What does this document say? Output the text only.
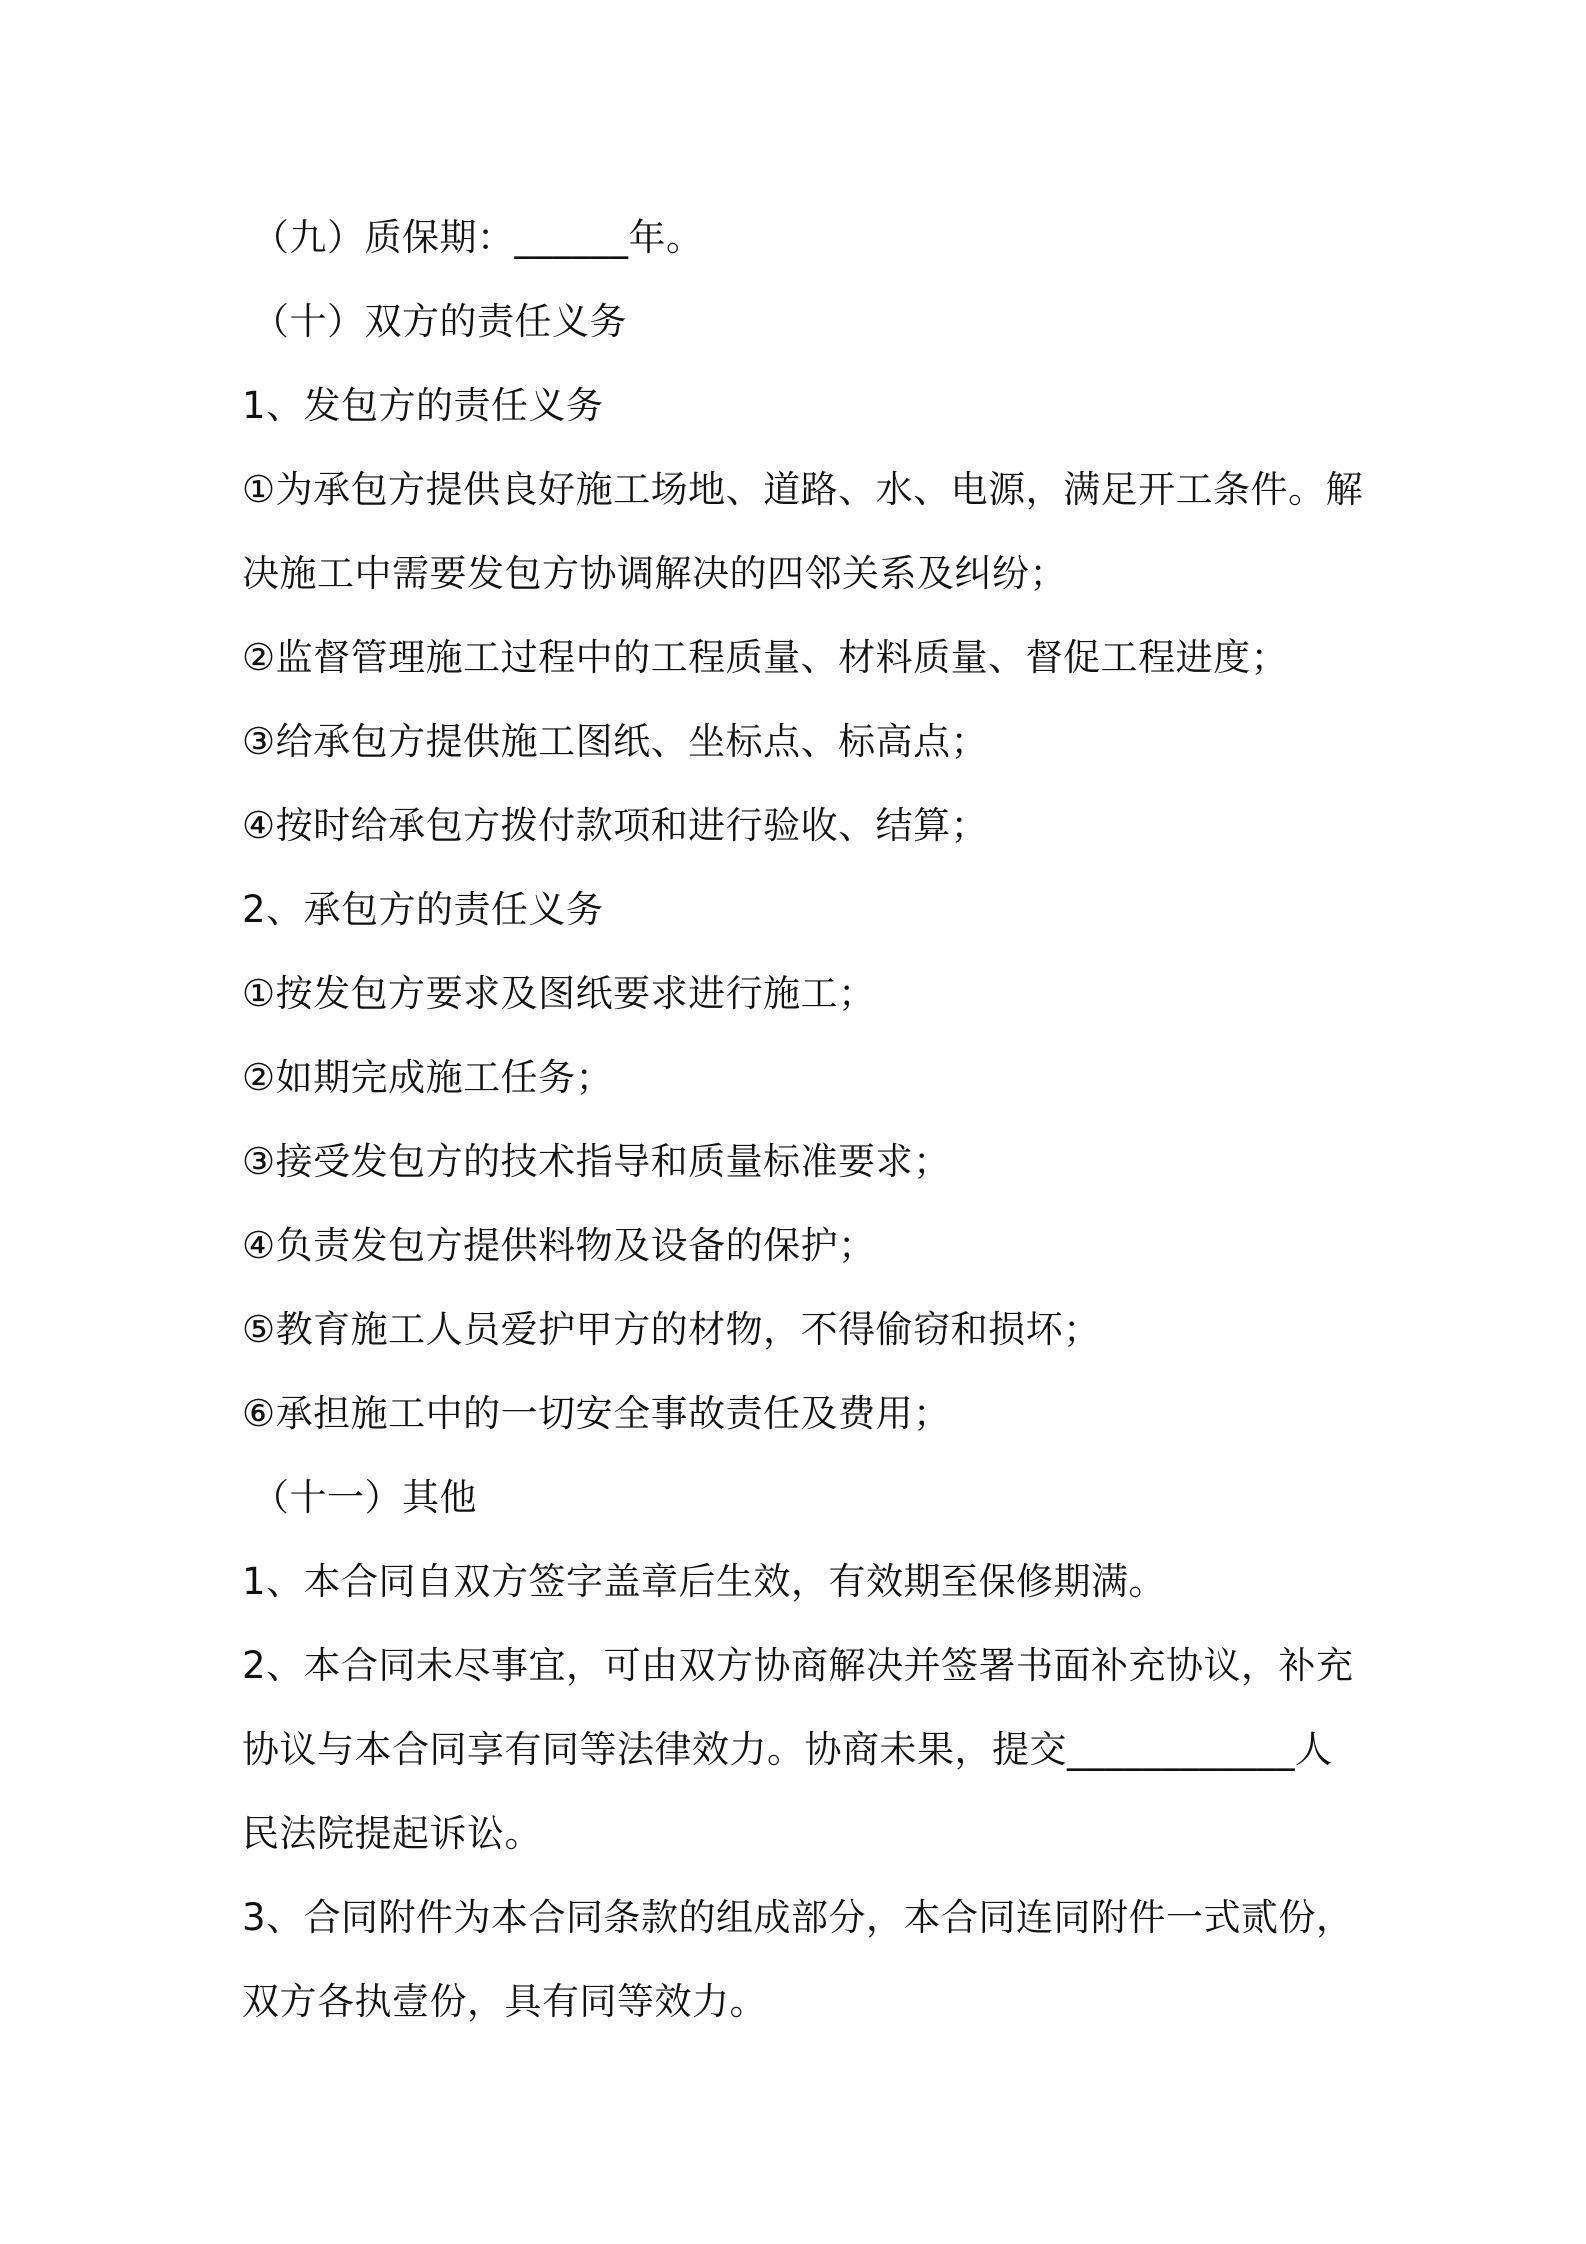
（九）质保期：______年。
（十）双方的责任义务
1、发包方的责任义务
①为承包方提供良好施工场地、道路、水、电源，满足开工条件。解
决施工中需要发包方协调解决的四邻关系及纠纷；
②监督管理施工过程中的工程质量、材料质量、督促工程进度；
③给承包方提供施工图纸、坐标点、标高点；
④按时给承包方拨付款项和进行验收、结算；
2、承包方的责任义务
①按发包方要求及图纸要求进行施工；
②如期完成施工任务；
③接受发包方的技术指导和质量标准要求；
④负责发包方提供料物及设备的保护；
⑤教育施工人员爱护甲方的材物，不得偷窃和损坏；
⑥承担施工中的一切安全事故责任及费用；
（十一）其他
1、本合同自双方签字盖章后生效，有效期至保修期满。
2、本合同未尽事宜，可由双方协商解决并签署书面补充协议，补充
协议与本合同享有同等法律效力。协商未果，提交____________人
民法院提起诉讼。
3、合同附件为本合同条款的组成部分，本合同连同附件一式贰份，
双方各执壹份，具有同等效力。
